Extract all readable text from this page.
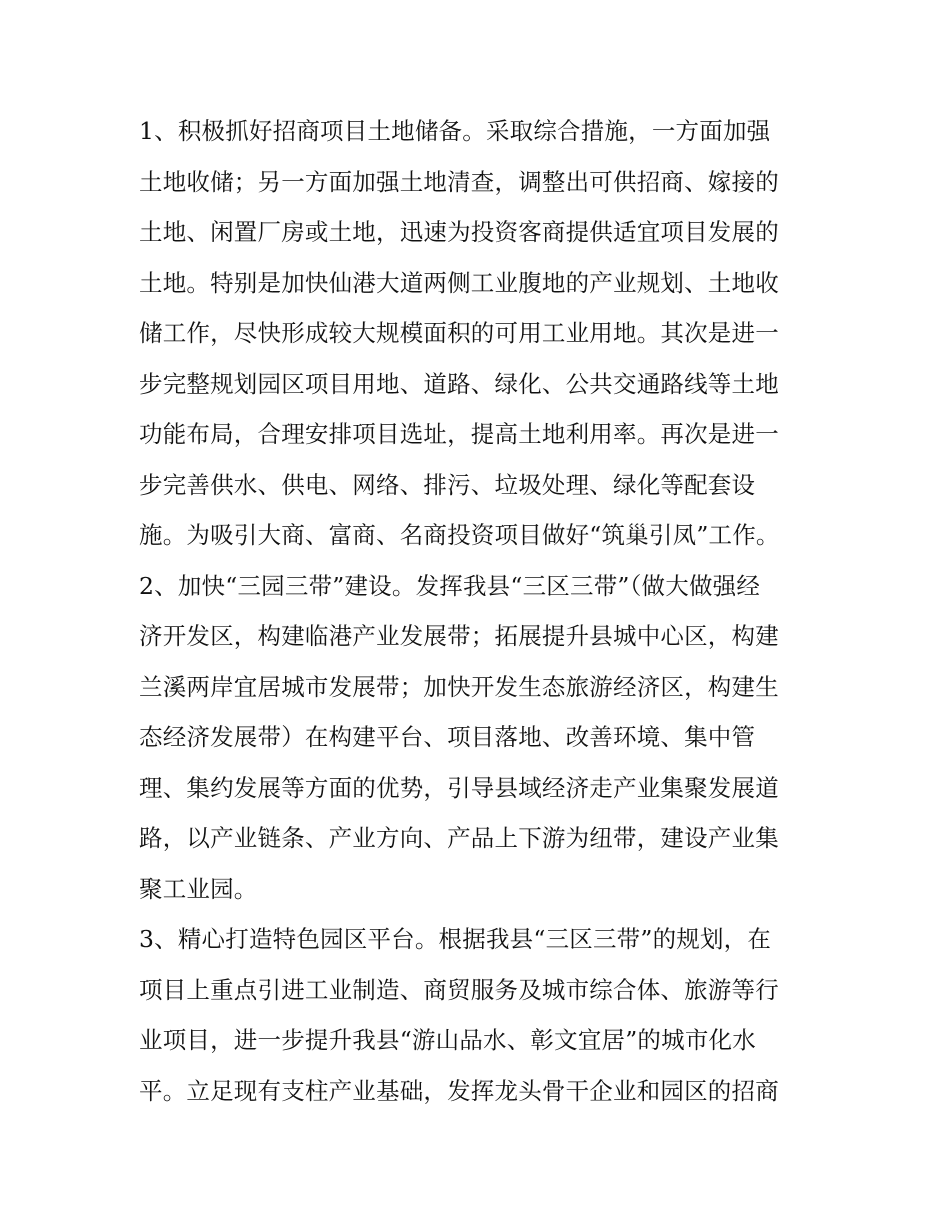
1、积极抓好招商项目土地储备。采取综合措施，一方面加强
土地收储；另一方面加强土地清查，调整出可供招商、嫁接的
土地、闲置厂房或土地，迅速为投资客商提供适宜项目发展的
土地。特别是加快仙港大道两侧工业腹地的产业规划、土地收
储工作，尽快形成较大规模面积的可用工业用地。其次是进一
步完整规划园区项目用地、道路、绿化、公共交通路线等土地
功能布局，合理安排项目选址，提高土地利用率。再次是进一
步完善供水、供电、网络、排污、垃圾处理、绿化等配套设
施。为吸引大商、富商、名商投资项目做好“筑巢引凤”工作。
2、加快“三园三带”建设。发挥我县“三区三带”（做大做强经
济开发区，构建临港产业发展带；拓展提升县城中心区，构建
兰溪两岸宜居城市发展带；加快开发生态旅游经济区，构建生
态经济发展带）在构建平台、项目落地、改善环境、集中管
理、集约发展等方面的优势，引导县域经济走产业集聚发展道
路，以产业链条、产业方向、产品上下游为纽带，建设产业集
聚工业园。
3、精心打造特色园区平台。根据我县“三区三带”的规划，在
项目上重点引进工业制造、商贸服务及城市综合体、旅游等行
业项目，进一步提升我县“游山品水、彰文宜居”的城市化水
平。立足现有支柱产业基础，发挥龙头骨干企业和园区的招商
